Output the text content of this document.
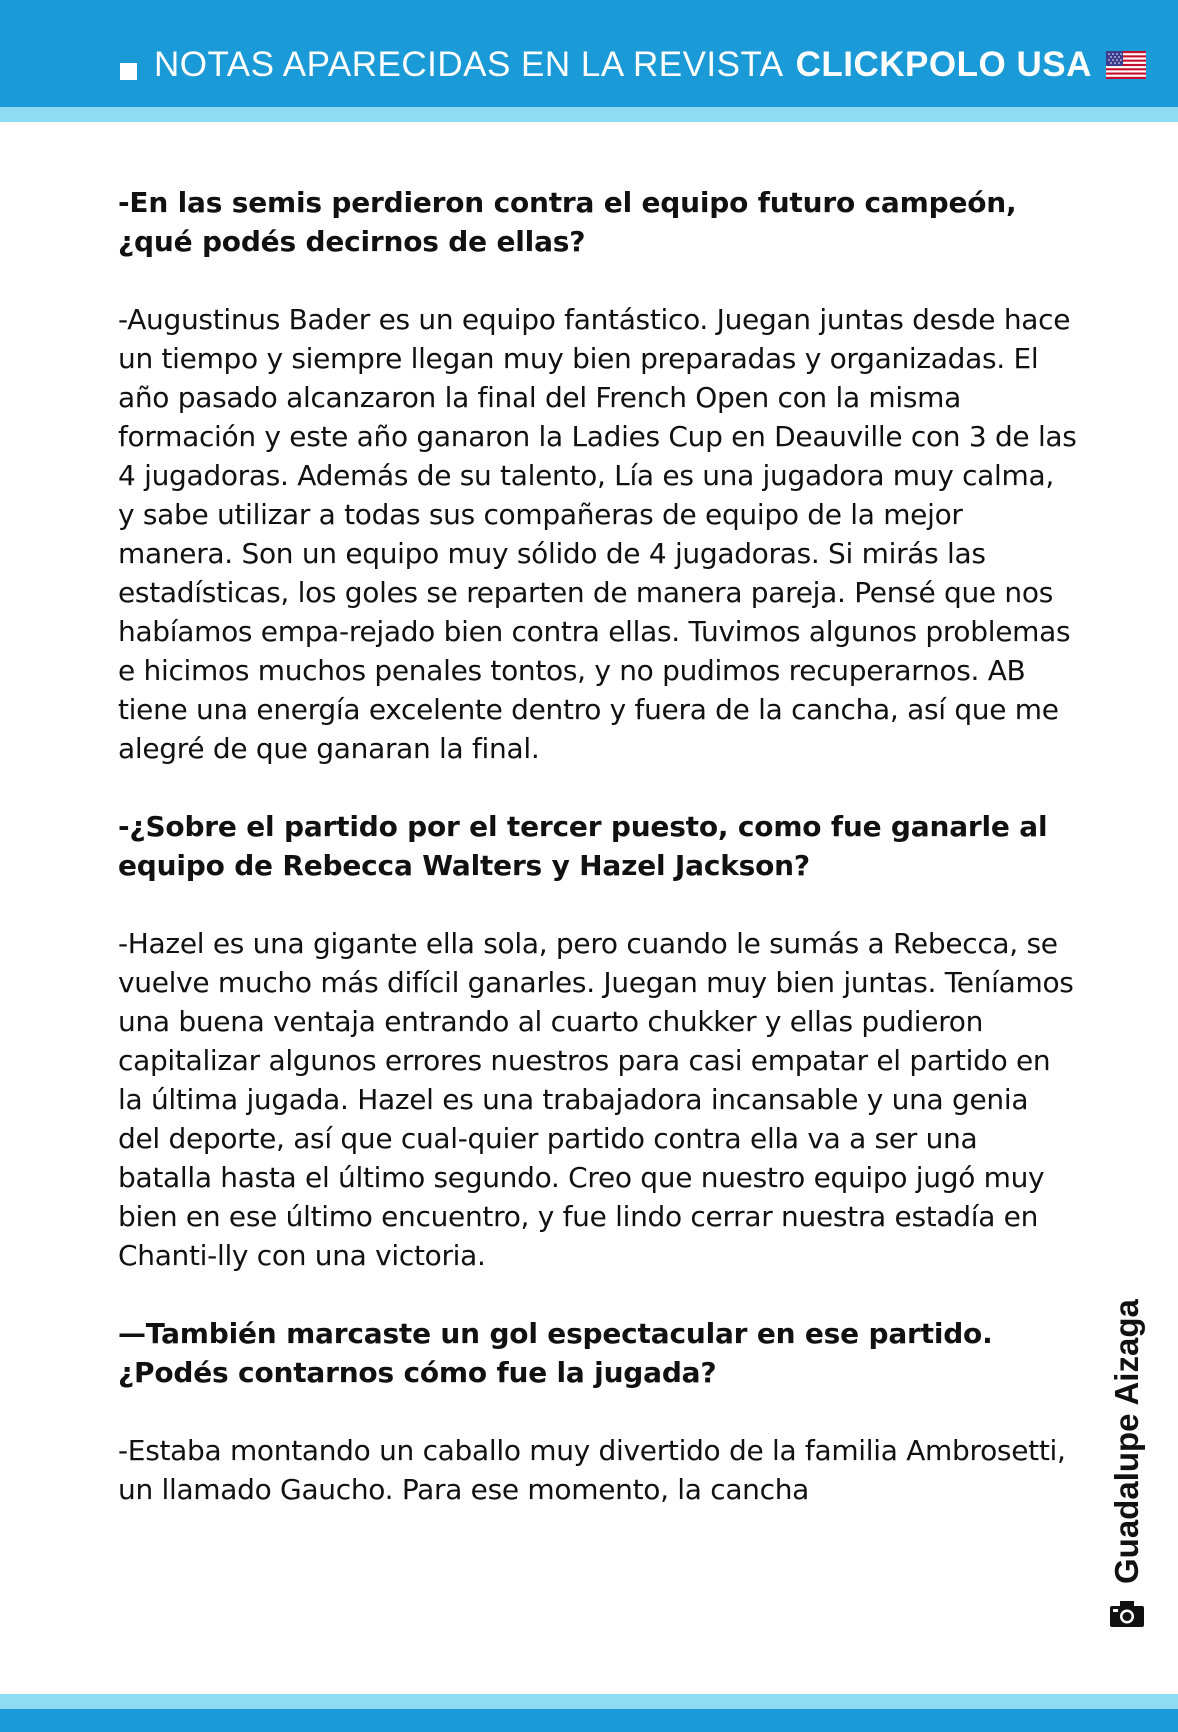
NOTAS APARECIDAS EN LA REVISTA CLICKPOLO USA

-En las semis perdieron contra el equipo futuro campeón, ¿qué podés decirnos de ellas?

-Augustinus Bader es un equipo fantástico. Juegan juntas desde hace un tiempo y siempre llegan muy bien preparadas y organizadas. El año pasado alcanzaron la final del French Open con la misma formación y este año ganaron la Ladies Cup en Deauville con 3 de las 4 jugadoras. Además de su talento, Lía es una jugadora muy calma, y sabe utilizar a todas sus compañeras de equipo de la mejor manera. Son un equipo muy sólido de 4 jugadoras. Si mirás las estadísticas, los goles se reparten de manera pareja. Pensé que nos habíamos empa-rejado bien contra ellas. Tuvimos algunos problemas e hicimos muchos penales tontos, y no pudimos recuperarnos. AB tiene una energía excelente dentro y fuera de la cancha, así que me alegré de que ganaran la final.

-¿Sobre el partido por el tercer puesto, como fue ganarle al equipo de Rebecca Walters y Hazel Jackson?

-Hazel es una gigante ella sola, pero cuando le sumás a Rebecca, se vuelve mucho más difícil ganarles. Juegan muy bien juntas. Teníamos una buena ventaja entrando al cuarto chukker y ellas pudieron capitalizar algunos errores nuestros para casi empatar el partido en la última jugada. Hazel es una trabajadora incansable y una genia del deporte, así que cual-quier partido contra ella va a ser una batalla hasta el último segundo. Creo que nuestro equipo jugó muy bien en ese último encuentro, y fue lindo cerrar nuestra estadía en Chanti-lly con una victoria.

—También marcaste un gol espectacular en ese partido. ¿Podés contarnos cómo fue la jugada?

-Estaba montando un caballo muy divertido de la familia Ambrosetti, un llamado Gaucho. Para ese momento, la cancha	Guadalupe Aizaga
